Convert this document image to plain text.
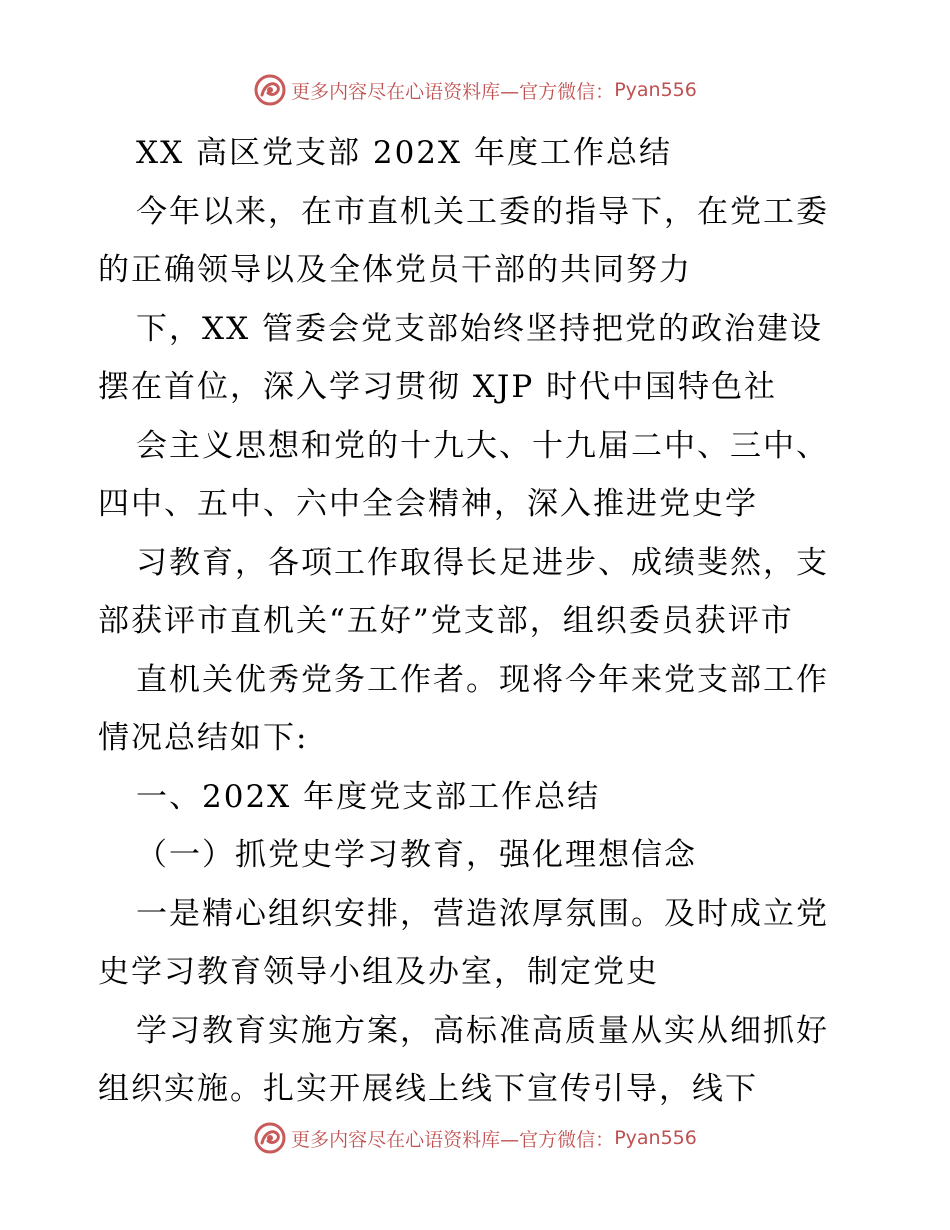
更多内容尽在心语资料库— 官方微信： Pyan556
XX 高区党支部 202X 年度工作总结
今年以来，在市直机关工委的指导下，在党工委
的正确领导以及全体党员干部的共同努力
下，XX 管委会党支部始终坚持把党的政治建设
摆在首位，深入学习贯彻 XJP 时代中国特色社
会主义思想和党的十九大、十九届二中、三中、
四中、五中、六中全会精神，深入推进党史学
习教育，各项工作取得长足进步、成绩斐然，支
部获评市直机关“五好”党支部，组织委员获评市
直机关优秀党务工作者。现将今年来党支部工作
情况总结如下:
一、202X 年度党支部工作总结
（一）抓党史学习教育，强化理想信念
一是精心组织安排，营造浓厚氛围。及时成立党
史学习教育领导小组及办室，制定党史
学习教育实施方案，高标准高质量从实从细抓好
组织实施。扎实开展线上线下宣传引导，线下
更多内容尽在心语资料库— 官方微信： Pyan556
